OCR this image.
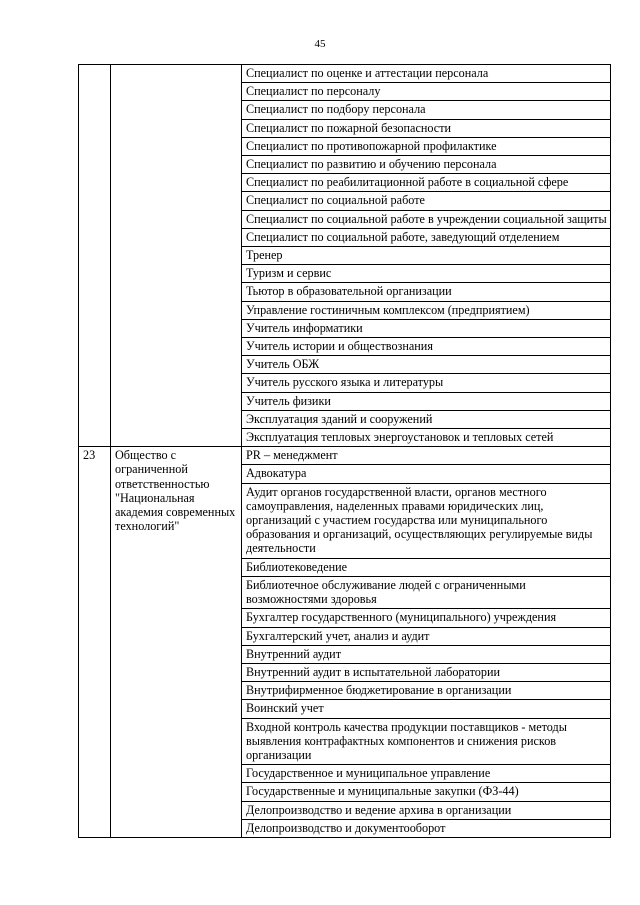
45
		Специалист по оценке и аттестации персонала
		Специалист по персоналу
		Специалист по подбору персонала
		Специалист по пожарной безопасности
		Специалист по противопожарной профилактике
		Специалист по развитию и обучению персонала
		Специалист по реабилитационной работе в социальной сфере
		Специалист по социальной работе
		Специалист по социальной работе в учреждении социальной защиты
		Специалист по социальной работе, заведующий отделением
		Тренер
		Туризм и сервис
		Тьютор в образовательной организации
		Управление гостиничным комплексом (предприятием)
		Учитель информатики
		Учитель истории и обществознания
		Учитель ОБЖ
		Учитель русского языка и литературы
		Учитель физики
		Эксплуатация зданий и сооружений
		Эксплуатация тепловых энергоустановок и тепловых сетей
23	Общество с ограниченной ответственностью "Национальная академия современных технологий"	PR – менеджмент
		Адвокатура
		Аудит органов государственной власти, органов местного самоуправления, наделенных правами юридических лиц, организаций с участием государства или муниципального образования и организаций, осуществляющих регулируемые виды деятельности
		Библиотековедение
		Библиотечное обслуживание людей с ограниченными возможностями здоровья
		Бухгалтер государственного (муниципального) учреждения
		Бухгалтерский учет, анализ и аудит
		Внутренний аудит
		Внутренний аудит в испытательной лаборатории
		Внутрифирменное бюджетирование в организации
		Воинский учет
		Входной контроль качества продукции поставщиков - методы выявления контрафактных компонентов и снижения рисков организации
		Государственное и муниципальное управление
		Государственные и муниципальные закупки (ФЗ-44)
		Делопроизводство и ведение архива в организации
		Делопроизводство и документооборот
